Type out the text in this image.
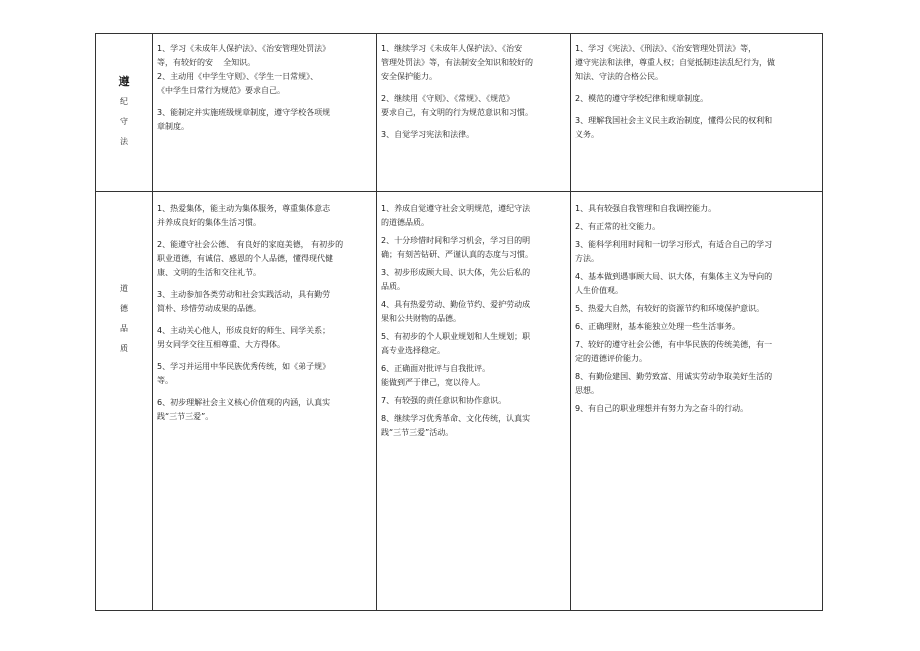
遵
纪
守
法

1、学习《未成年人保护法》、《治安管理处罚法》
等，有较好的安    全知识。
2、主动用《中学生守则》、《学生一日常规》、
《中学生日常行为规范》要求自己。

3、能制定并实施班级规章制度，遵守学校各项规
章制度。

1、继续学习《未成年人保护法》、《治安
管理处罚法》等，有法制安全知识和较好的
安全保护能力。

2、继续用《守则》、《常规》、《规范》
要求自己，有文明的行为规范意识和习惯。

3、自觉学习宪法和法律。

1、学习《宪法》、《刑法》、《治安管理处罚法》等，
遵守宪法和法律，尊重人权；自觉抵制违法乱纪行为，做
知法、守法的合格公民。

2、模范的遵守学校纪律和规章制度。

3、理解我国社会主义民主政治制度，懂得公民的权利和
义务。

道
德
品
质

1、热爱集体，能主动为集体服务，尊重集体意志
并养成良好的集体生活习惯。

2、能遵守社会公德、 有良好的家庭美德， 有初步的
职业道德，有诚信、感恩的个人品德，懂得现代健
康、文明的生活和交往礼节。

3、主动参加各类劳动和社会实践活动，具有勤劳
简朴、珍惜劳动成果的品德。

4、主动关心他人，形成良好的师生、同学关系；
男女同学交往互相尊重、大方得体。

5、学习并运用中华民族优秀传统，如《弟子规》
等。

6、初步理解社会主义核心价值观的内涵，认真实
践“三节三爱”。

1、养成自觉遵守社会文明规范，遵纪守法
的道德品质。

2、十分珍惜时间和学习机会，学习目的明
确；有刻苦钻研、严谨认真的态度与习惯。

3、初步形成顾大局、识大体，先公后私的
品质。

4、具有热爱劳动、勤俭节约、爱护劳动成
果和公共财物的品德。

5、有初步的个人职业规划和人生规划；职
高专业选择稳定。

6、正确面对批评与自我批评。
能做到严于律己，宽以待人。

7、有较强的责任意识和协作意识。

8、继续学习优秀革命、文化传统，认真实
践“三节三爱”活动。

1、具有较强自我管理和自我调控能力。

2、有正常的社交能力。

3、能科学利用时间和一切学习形式，有适合自己的学习
方法。

4、基本做到遇事顾大局、识大体，有集体主义为导向的
人生价值观。

5、热爱大自然，有较好的资源节约和环境保护意识。

6、正确理财，基本能独立处理一些生活事务。

7、较好的遵守社会公德，有中华民族的传统美德，有一
定的道德评价能力。

8、有勤俭建国、勤劳致富、用诚实劳动争取美好生活的
思想。

9、有自己的职业理想并有努力为之奋斗的行动。
